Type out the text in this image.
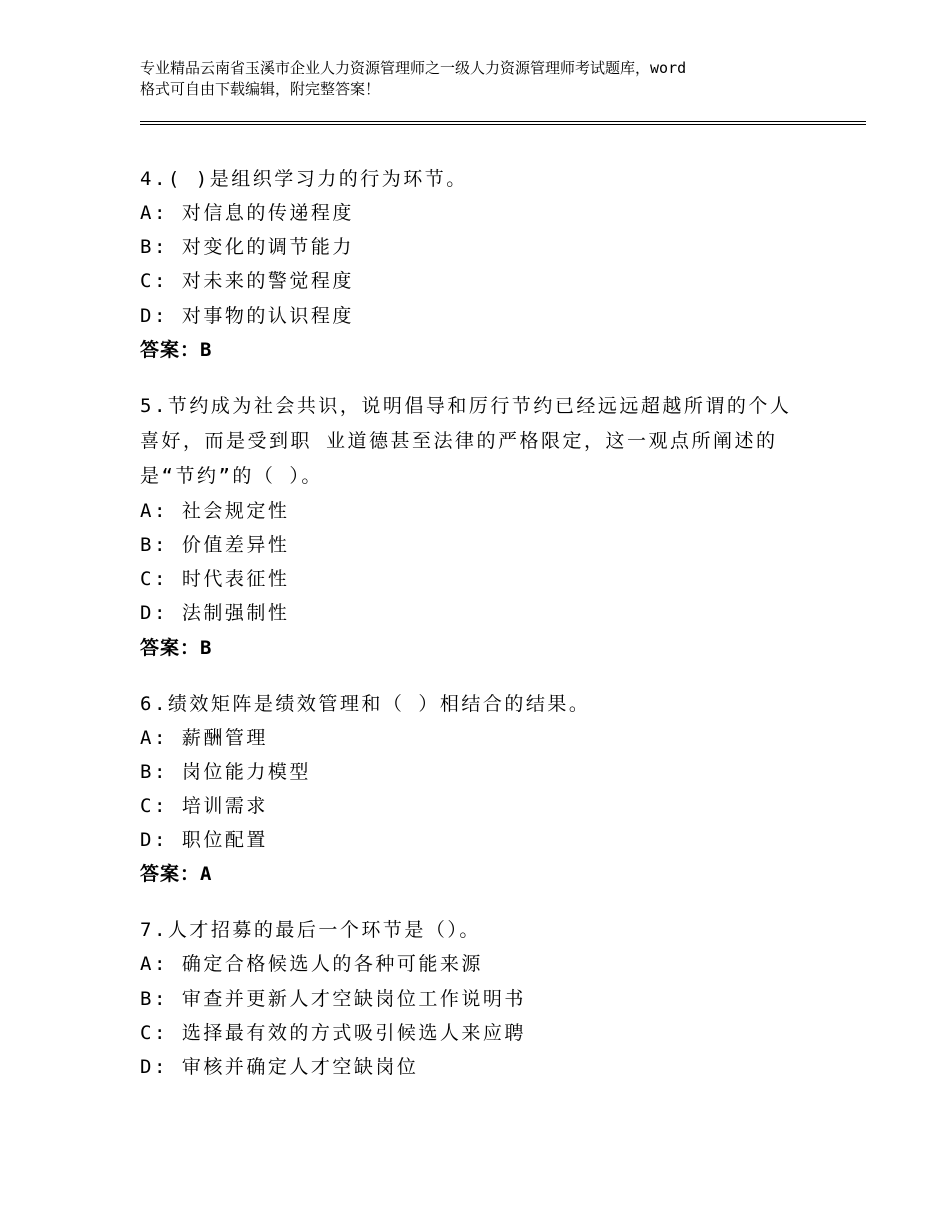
专业精品云南省玉溪市企业人力资源管理师之一级人力资源管理师考试题库，word

格式可自由下载编辑，附完整答案！

4.( )是组织学习力的行为环节。

A: 对信息的传递程度

B: 对变化的调节能力

C: 对未来的警觉程度

D: 对事物的认识程度

答案：B

5.节约成为社会共识，说明倡导和厉行节约已经远远超越所谓的个人

喜好，而是受到职 业道德甚至法律的严格限定，这一观点所阐述的

是“节约”的（ ）。

A: 社会规定性

B: 价值差异性

C: 时代表征性

D: 法制强制性

答案：B

6.绩效矩阵是绩效管理和（ ）相结合的结果。

A: 薪酬管理

B: 岗位能力模型

C: 培训需求

D: 职位配置

答案：A

7.人才招募的最后一个环节是（）。

A: 确定合格候选人的各种可能来源

B: 审查并更新人才空缺岗位工作说明书

C: 选择最有效的方式吸引候选人来应聘

D: 审核并确定人才空缺岗位
